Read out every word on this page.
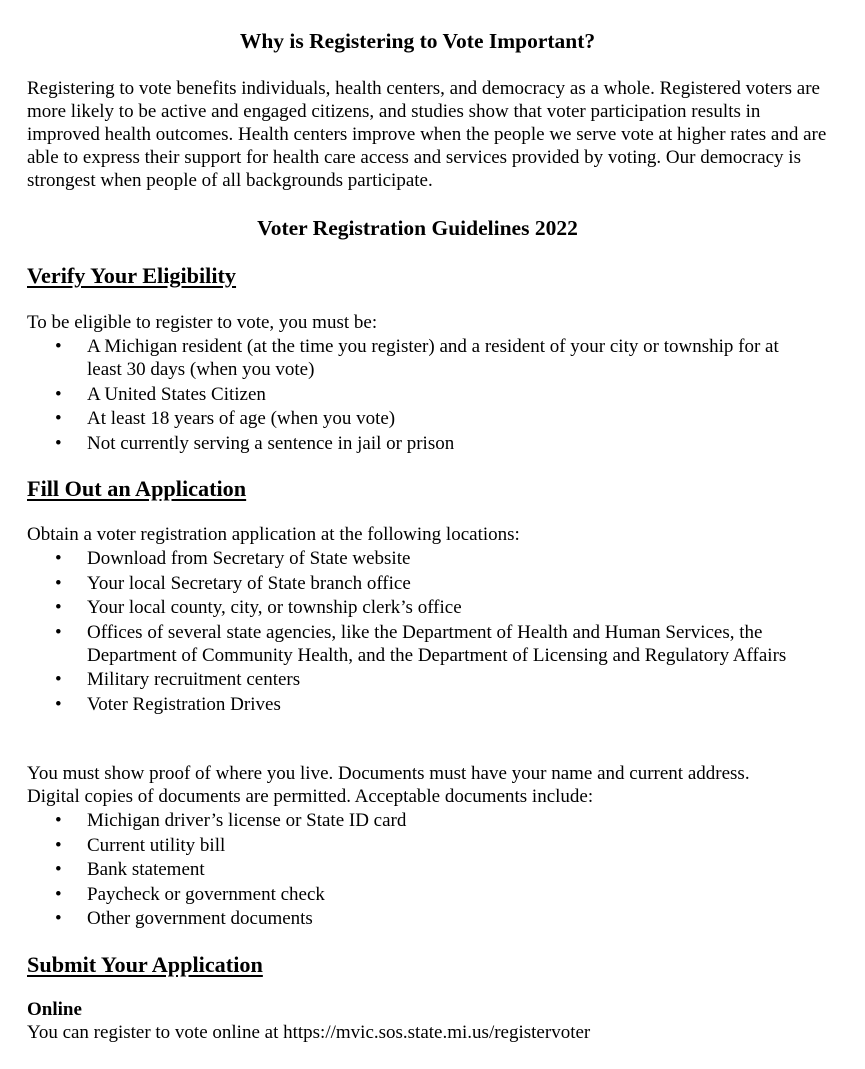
Why is Registering to Vote Important?

Registering to vote benefits individuals, health centers, and democracy as a whole. Registered voters are more likely to be active and engaged citizens, and studies show that voter participation results in improved health outcomes. Health centers improve when the people we serve vote at higher rates and are able to express their support for health care access and services provided by voting. Our democracy is strongest when people of all backgrounds participate.

Voter Registration Guidelines 2022
Verify Your Eligibility

To be eligible to register to vote, you must be:

• A Michigan resident (at the time you register) and a resident of your city or township for at least 30 days (when you vote)
• A United States Citizen
• At least 18 years of age (when you vote)
• Not currently serving a sentence in jail or prison
Fill Out an Application

Obtain a voter registration application at the following locations:

• Download from Secretary of State website
• Your local Secretary of State branch office
• Your local county, city, or township clerk’s office
• Offices of several state agencies, like the Department of Health and Human Services, the Department of Community Health, and the Department of Licensing and Regulatory Affairs
• Military recruitment centers
• Voter Registration Drives

You must show proof of where you live. Documents must have your name and current address. Digital copies of documents are permitted. Acceptable documents include:

• Michigan driver’s license or State ID card
• Current utility bill
• Bank statement
• Paycheck or government check
• Other government documents
Submit Your Application

Online

You can register to vote online at https://mvic.sos.state.mi.us/registervoter
